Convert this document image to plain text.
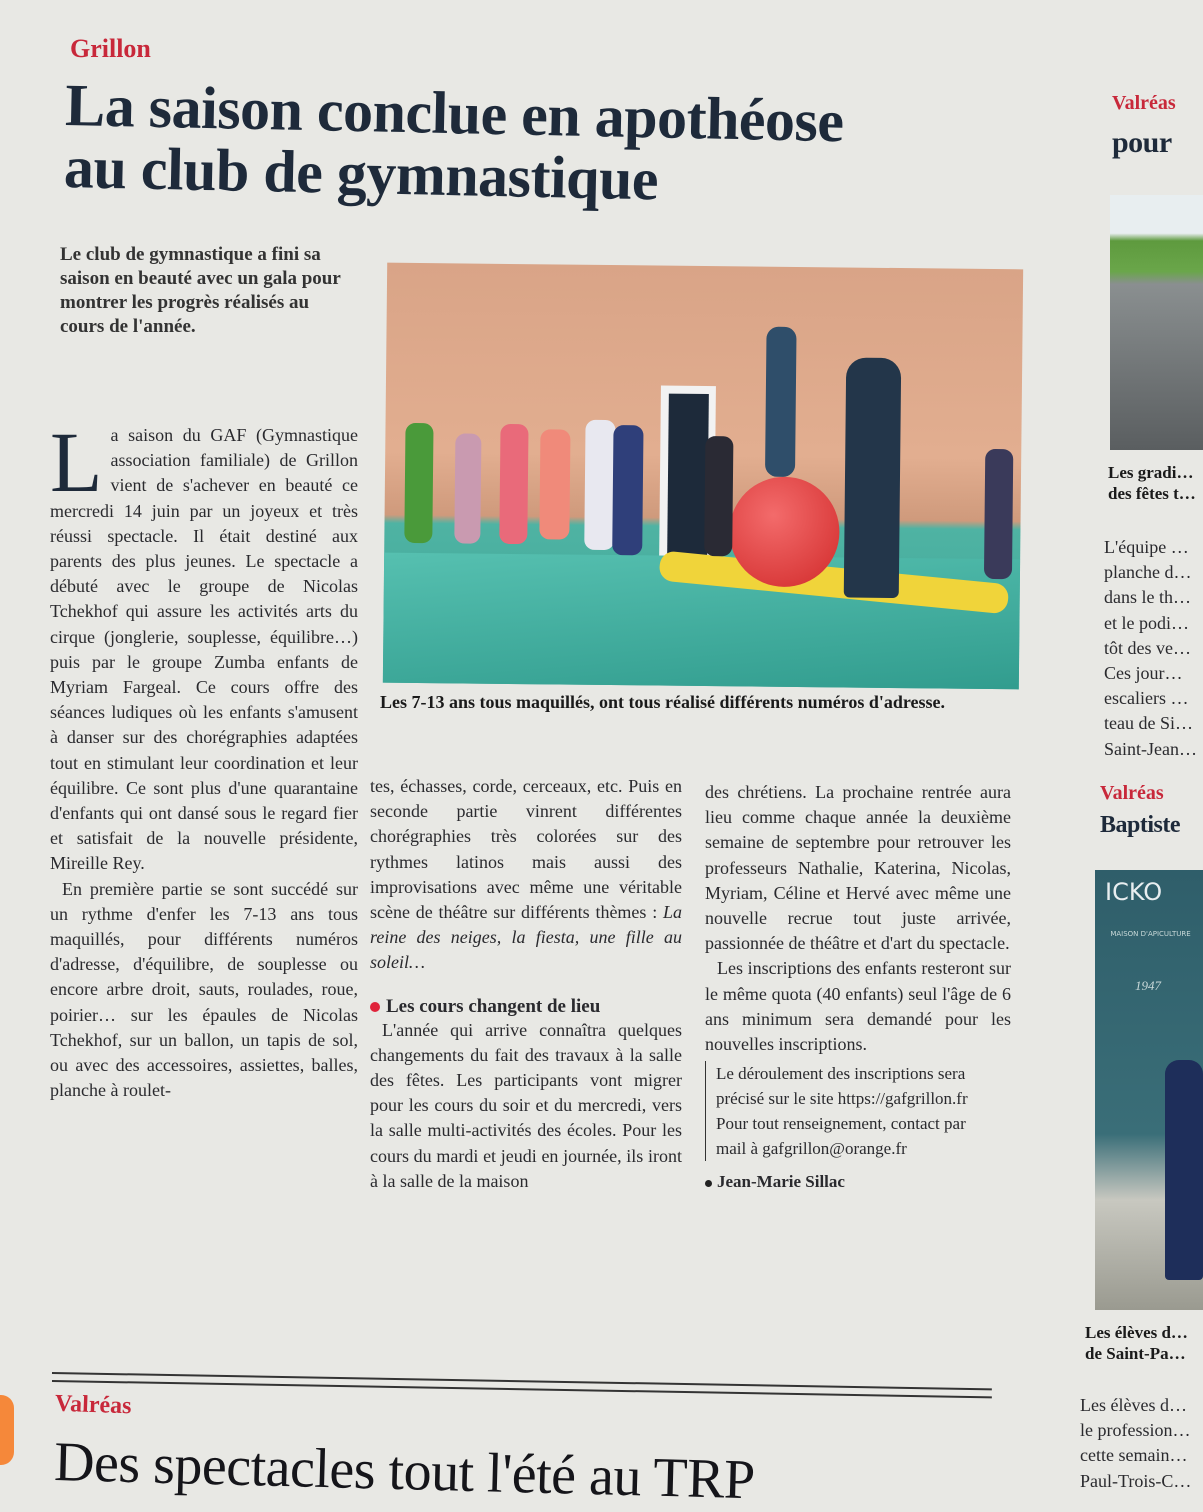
Grillon
La saison conclue en apothéose
au club de gymnastique
Le club de gymnastique a fini sa saison en beauté avec un gala pour montrer les progrès réalisés au cours de l'année.
Les 7-13 ans tous maquillés, ont tous réalisé différents numéros d'adresse.
L a saison du GAF (Gymnastique association familiale) de Grillon vient de s'achever en beauté ce mercredi 14 juin par un joyeux et très réussi spectacle. Il était destiné aux parents des plus jeunes. Le spectacle a débuté avec le groupe de Nicolas Tchekhof qui assure les activités arts du cirque (jonglerie, souplesse, équilibre…) puis par le groupe Zumba enfants de Myriam Fargeal. Ce cours offre des séances ludiques où les enfants s'amusent à danser sur des chorégraphies adaptées tout en stimulant leur coordination et leur équilibre. Ce sont plus d'une quarantaine d'enfants qui ont dansé sous le regard fier et satisfait de la nouvelle présidente, Mireille Rey.

En première partie se sont succédé sur un rythme d'enfer les 7-13 ans tous maquillés, pour différents numéros d'adresse, d'équilibre, de souplesse ou encore arbre droit, sauts, roulades, roue, poirier… sur les épaules de Nicolas Tchekhof, sur un ballon, un tapis de sol, ou avec des accessoires, assiettes, balles, planche à roulet-

tes, échasses, corde, cerceaux, etc. Puis en seconde partie vinrent différentes chorégraphies très colorées sur des rythmes latinos mais aussi des improvisations avec même une véritable scène de théâtre sur différents thèmes : La reine des neiges, la fiesta, une fille au soleil…

Les cours changent de lieu

L'année qui arrive connaîtra quelques changements du fait des travaux à la salle des fêtes. Les participants vont migrer pour les cours du soir et du mercredi, vers la salle multi-activités des écoles. Pour les cours du mardi et jeudi en journée, ils iront à la salle de la maison

des chrétiens. La prochaine rentrée aura lieu comme chaque année la deuxième semaine de septembre pour retrouver les professeurs Nathalie, Katerina, Nicolas, Myriam, Céline et Hervé avec même une nouvelle recrue tout juste arrivée, passionnée de théâtre et d'art du spectacle.

Les inscriptions des enfants resteront sur le même quota (40 enfants) seul l'âge de 6 ans minimum sera demandé pour les nouvelles inscriptions.

Le déroulement des inscriptions sera précisé sur le site https://gafgrillon.fr Pour tout renseignement, contact par mail à gafgrillon@orange.fr
Jean-Marie Sillac
Valréas
pour
Les gradi… des fêtes t…
L'équipe … planche d… dans le th… et le podi… tôt des ve… Ces jour… escaliers … teau de Si… Saint-Jean…
Valréas
Baptiste
ICKO
MAISON D'APICULTURE
1947
Les élèves d… de Saint-Pa…
Les élèves d… le profession… cette semain… Paul-Trois-C…
Valréas
Des spectacles tout l'été au TRP
